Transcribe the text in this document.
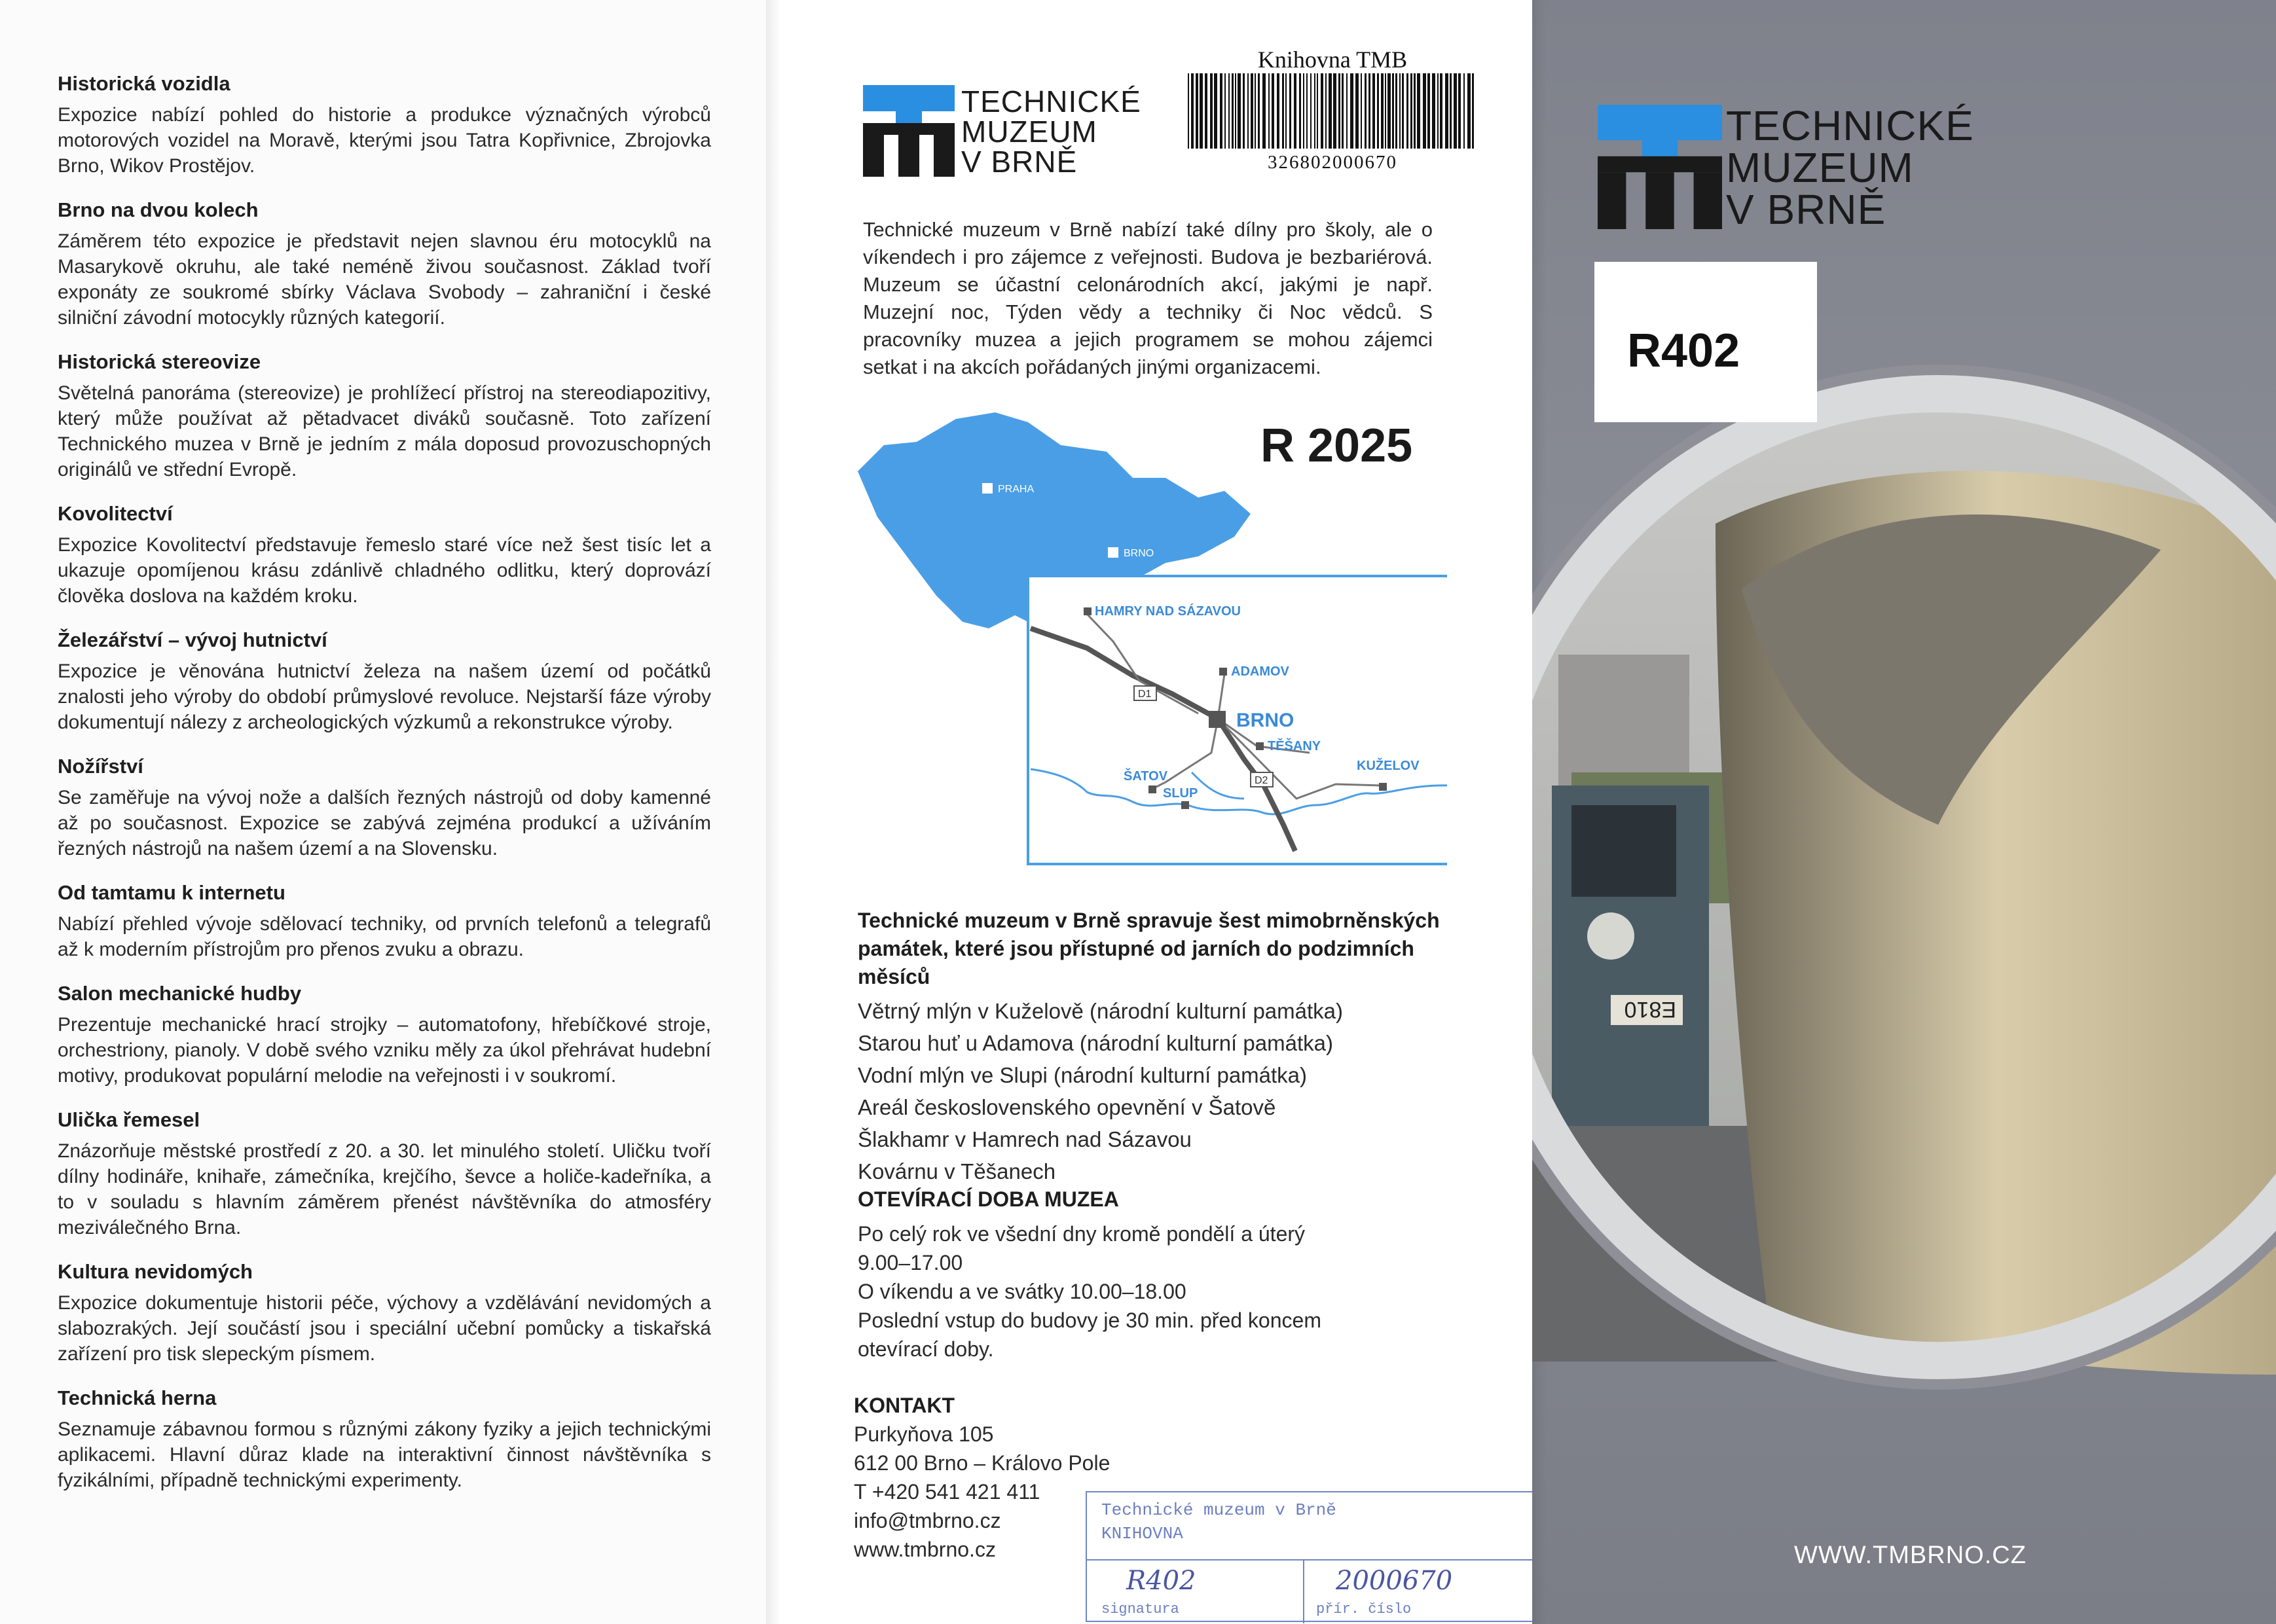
Historická vozidla

Expozice nabízí pohled do historie a produkce význačných výrobců motorových vozidel na Moravě, kterými jsou Tatra Kopřivnice, Zbrojovka Brno, Wikov Prostějov.

Brno na dvou kolech

Záměrem této expozice je představit nejen slavnou éru motocyklů na Masarykově okruhu, ale také neméně živou současnost. Základ tvoří exponáty ze soukromé sbírky Václava Svobody – zahraniční i české silniční závodní motocykly různých kategorií.

Historická stereovize

Světelná panoráma (stereovize) je prohlížecí přístroj na stereodiapozitivy, který může používat až pětadvacet diváků současně. Toto zařízení Technického muzea v Brně je jedním z mála doposud provozuschopných originálů ve střední Evropě.

Kovolitectví

Expozice Kovolitectví představuje řemeslo staré více než šest tisíc let a ukazuje opomíjenou krásu zdánlivě chladného odlitku, který doprovází člověka doslova na každém kroku.

Železářství – vývoj hutnictví

Expozice je věnována hutnictví železa na našem území od počátků znalosti jeho výroby do období průmyslové revoluce. Nejstarší fáze výroby dokumentují nálezy z archeologických výzkumů a rekonstrukce výroby.

Nožířství

Se zaměřuje na vývoj nože a dalších řezných nástrojů od doby kamenné až po současnost. Expozice se zabývá zejména produkcí a užíváním řezných nástrojů na našem území a na Slovensku.

Od tamtamu k internetu

Nabízí přehled vývoje sdělovací techniky, od prvních telefonů a telegrafů až k moderním přístrojům pro přenos zvuku a obrazu.

Salon mechanické hudby

Prezentuje mechanické hrací strojky – automatofony, hřebíčkové stroje, orchestriony, pianoly. V době svého vzniku měly za úkol přehrávat hudební motivy, produkovat populární melodie na veřejnosti i v soukromí.

Ulička řemesel

Znázorňuje městské prostředí z 20. a 30. let minulého století. Uličku tvoří dílny hodináře, knihaře, zámečníka, krejčího, ševce a holiče-kadeřníka, a to v souladu s hlavním záměrem přenést návštěvníka do atmosféry meziválečného Brna.

Kultura nevidomých

Expozice dokumentuje historii péče, výchovy a vzdělávání nevidomých a slabozrakých. Její součástí jsou i speciální učební pomůcky a tiskařská zařízení pro tisk slepeckým písmem.

Technická herna

Seznamuje zábavnou formou s různými zákony fyziky a jejich technickými aplikacemi. Hlavní důraz klade na interaktivní činnost návštěvníka s fyzikálními, případně technickými experimenty.

TECHNICKÉ
MUZEUM
V BRNĚ
Knihovna TMB
326802000670

Technické muzeum v Brně nabízí také dílny pro školy, ale o víkendech i pro zájemce z veřejnosti. Budova je bezbariérová. Muzeum se účastní celonárodních akcí, jakými je např. Muzejní noc, Týden vědy a techniky či Noc vědců. S pracovníky muzea a jejich programem se mohou zájemci setkat i na akcích pořádaných jinými organizacemi.

PRAHA
BRNO
D1
D2
HAMRY NAD SÁZAVOU
ADAMOV
BRNO
TĚŠANY
KUŽELOV
ŠATOV
SLUP
R 2025

Technické muzeum v Brně spravuje šest mimobrněnských památek, které jsou přístupné od jarních do podzimních měsíců

Větrný mlýn v Kuželově (národní kulturní památka)
Starou huť u Adamova (národní kulturní památka)
Vodní mlýn ve Slupi (národní kulturní památka)
Areál československého opevnění v Šatově
Šlakhamr v Hamrech nad Sázavou
Kovárnu v Těšanech
OTEVÍRACÍ DOBA MUZEA
Po celý rok ve všední dny kromě pondělí a úterý
9.00–17.00
O víkendu a ve svátky 10.00–18.00
Poslední vstup do budovy je 30 min. před koncem
otevírací doby.
KONTAKT
Purkyňova 105
612 00 Brno – Královo Pole
T +420 541 421 411
info@tmbrno.cz
www.tmbrno.cz
Technické muzeum v Brně
KNIHOVNA
R402	2000670
signatura	přír. číslo
E810
TECHNICKÉ
MUZEUM
V BRNĚ
R402
WWW.TMBRNO.CZ
